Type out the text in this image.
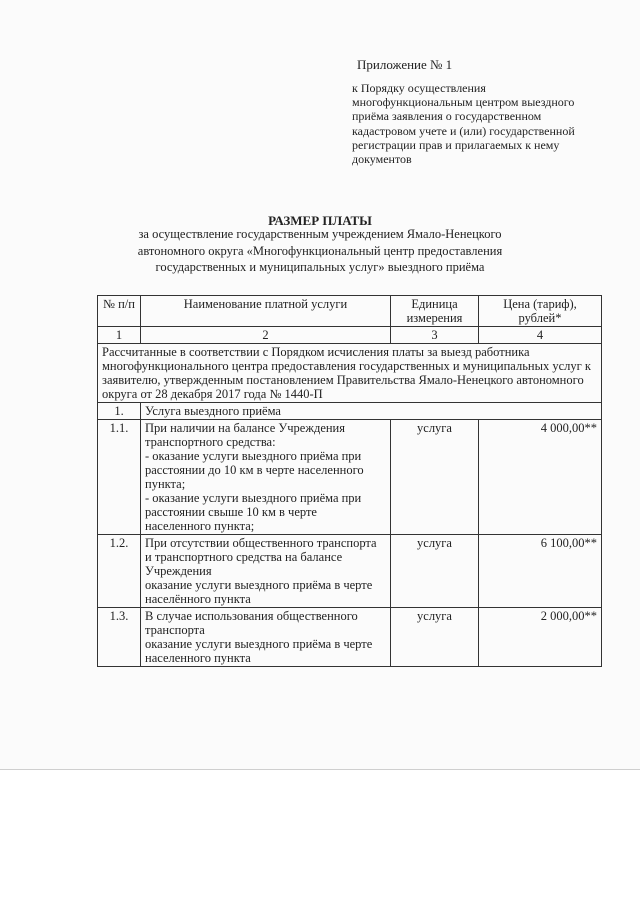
Приложение № 1
к Порядку осуществления многофункциональным центром выездного приёма заявления о государственном кадастровом учете и (или) государственной регистрации прав и прилагаемых к нему документов
РАЗМЕР ПЛАТЫ
за осуществление государственным учреждением Ямало-Ненецкого автономного округа «Многофункциональный центр предоставления государственных и муниципальных услуг» выездного приёма
№ п/п	Наименование платной услуги	Единица измерения	Цена (тариф), рублей*
1	2	3	4
Рассчитанные в соответствии с Порядком исчисления платы за выезд работника многофункционального центра предоставления государственных и муниципальных услуг к заявителю, утвержденным постановлением Правительства Ямало-Ненецкого автономного округа от 28 декабря 2017 года № 1440-П			
1.	Услуга выездного приёма		
1.1.	При наличии на балансе Учреждения транспортного средства:
- оказание услуги выездного приёма при расстоянии до 10 км в черте населенного пункта;
- оказание услуги выездного приёма при расстоянии свыше 10 км в черте населенного пункта;	услуга	4 000,00**
1.2.	При отсутствии общественного транспорта и транспортного средства на балансе Учреждения
оказание услуги выездного приёма в черте населённого пункта	услуга	6 100,00**
1.3.	В случае использования общественного транспорта
оказание услуги выездного приёма в черте населенного пункта	услуга	2 000,00**
